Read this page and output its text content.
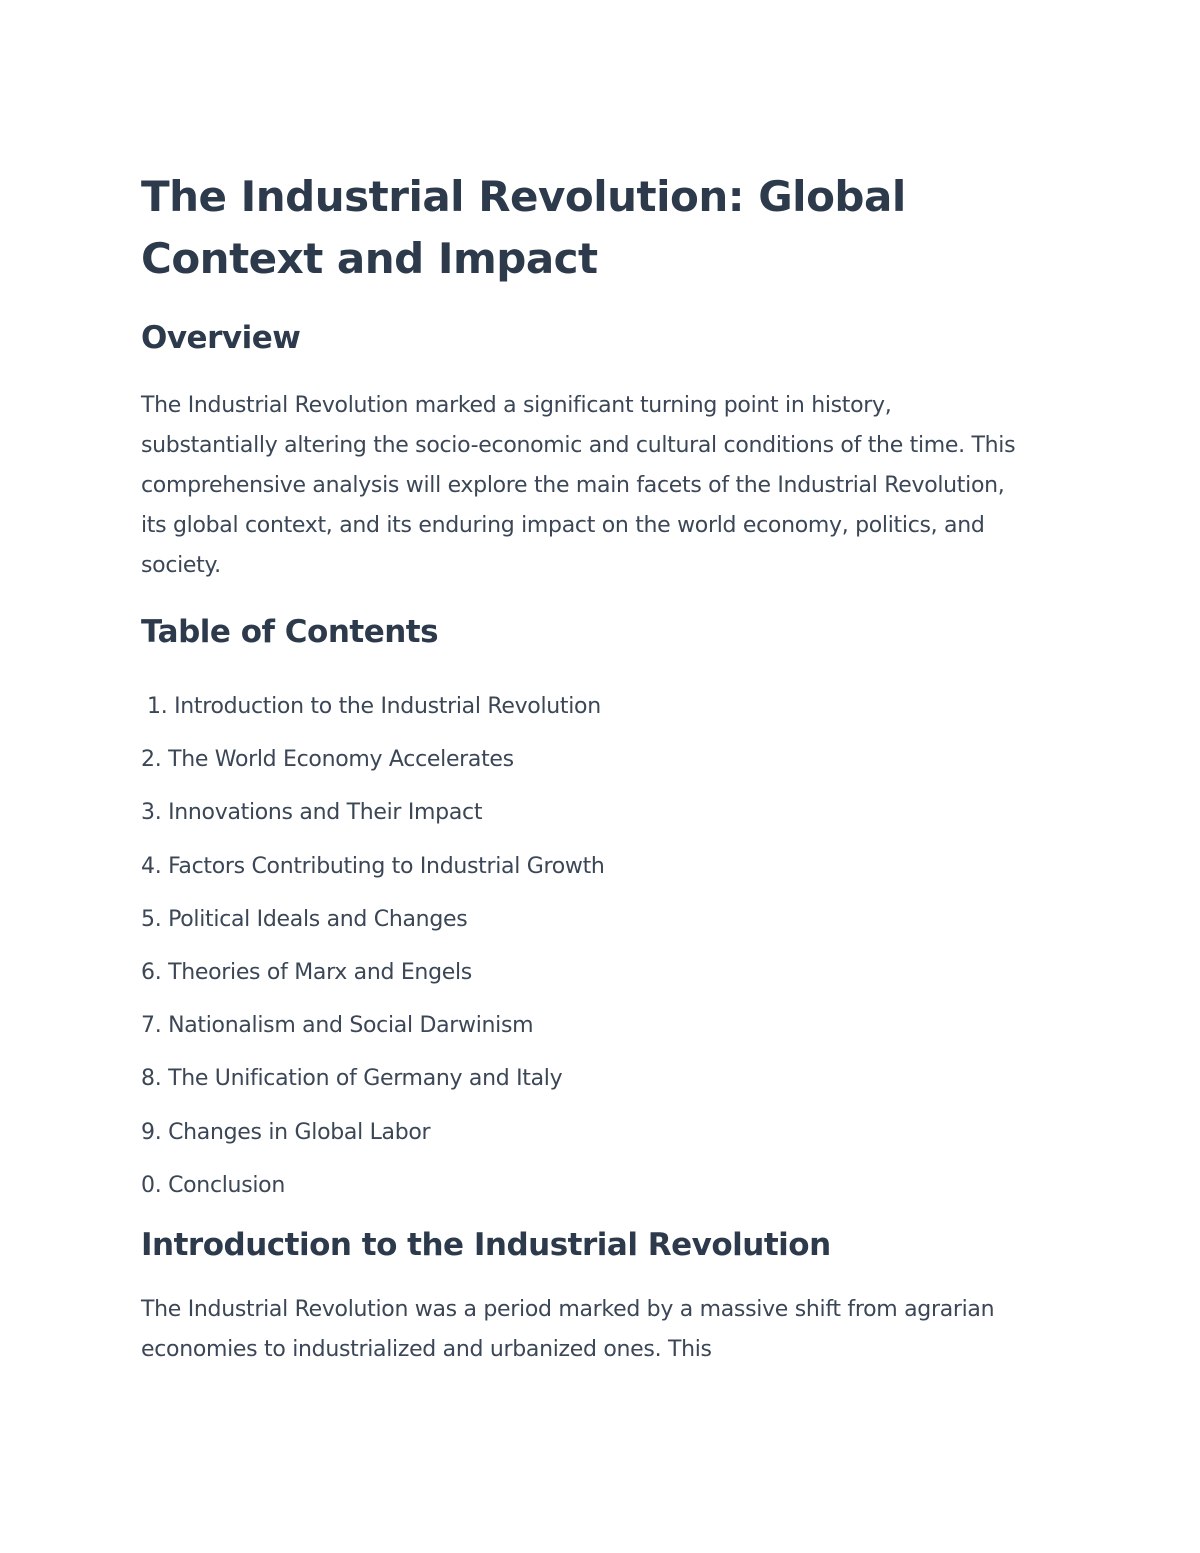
The Industrial Revolution: Global Context and Impact
Overview

The Industrial Revolution marked a significant turning point in history, substantially altering the socio-economic and cultural conditions of the time. This comprehensive analysis will explore the main facets of the Industrial Revolution, its global context, and its enduring impact on the world economy, politics, and society.

Table of Contents
1. Introduction to the Industrial Revolution
2. The World Economy Accelerates
3. Innovations and Their Impact
4. Factors Contributing to Industrial Growth
5. Political Ideals and Changes
6. Theories of Marx and Engels
7. Nationalism and Social Darwinism
8. The Unification of Germany and Italy
9. Changes in Global Labor
0. Conclusion
Introduction to the Industrial Revolution

The Industrial Revolution was a period marked by a massive shift from agrarian economies to industrialized and urbanized ones. This
